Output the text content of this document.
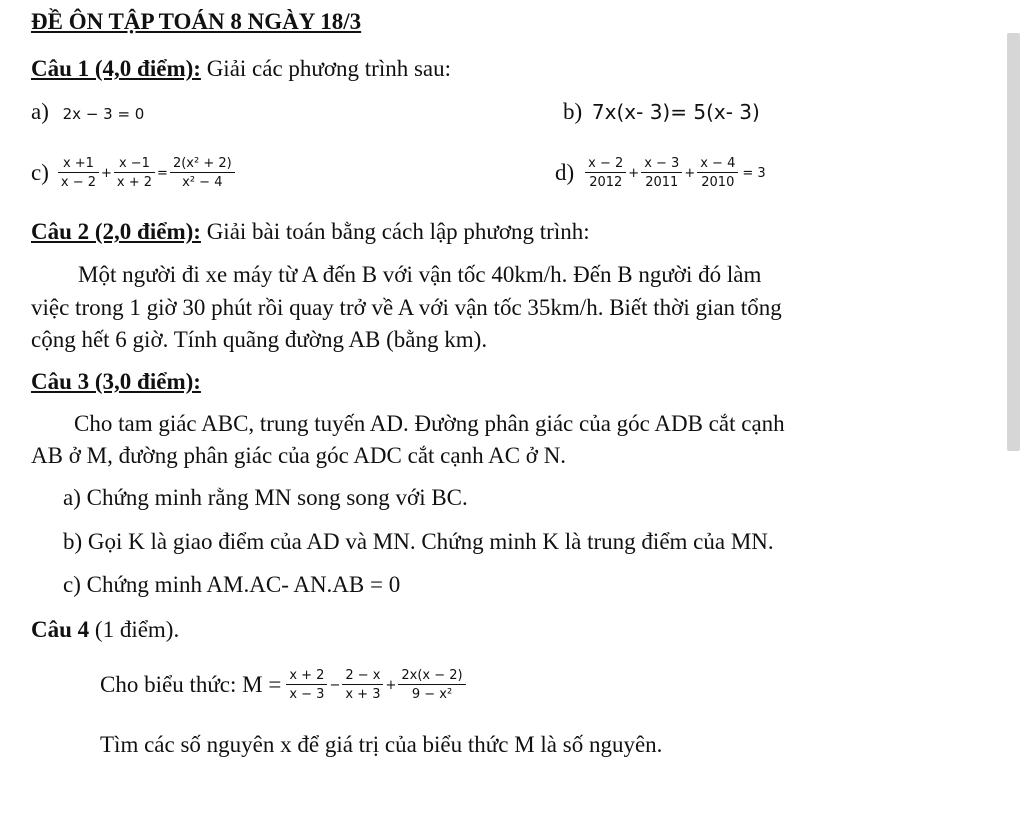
ĐỀ ÔN TẬP TOÁN 8 NGÀY 18/3
Câu 1 (4,0 điểm): Giải các phương trình sau:
a) 2x − 3 = 0	b) 7x(x- 3)= 5(x- 3)
$c) \frac{x +1}{x - 2} + \frac{x -1}{x + 2} = \frac{\text{2(x² + 2)}}{\text{x² − 4}}$	$d) \frac{x - 2}{2012} + \frac{x - 3}{2011} + \frac{x - 4}{2010} = 3$
Câu 2 (2,0 điểm): Giải bài toán bằng cách lập phương trình:
Một người đi xe máy từ A đến B với vận tốc 40km/h. Đến B người đó làm
việc trong 1 giờ 30 phút rồi quay trở về A với vận tốc 35km/h. Biết thời gian tổng
cộng hết 6 giờ. Tính quãng đường AB (bằng km).
Câu 3 (3,0 điểm):
Cho tam giác ABC, trung tuyến AD. Đường phân giác của góc ADB cắt cạnh
AB ở M, đường phân giác của góc ADC cắt cạnh AC ở N.
a) Chứng minh rằng MN song song với BC.
b) Gọi K là giao điểm của AD và MN. Chứng minh K là trung điểm của MN.
c) Chứng minh AM.AC- AN.AB = 0
Câu 4 (1 điểm).
Cho biểu thức: $M = \frac{x + 2}{x - 3} - \frac{2 - x}{x + 3} + \frac{2x(x - 2)}{\text{9 − x²}}$
Tìm các số nguyên x để giá trị của biểu thức M là số nguyên.
